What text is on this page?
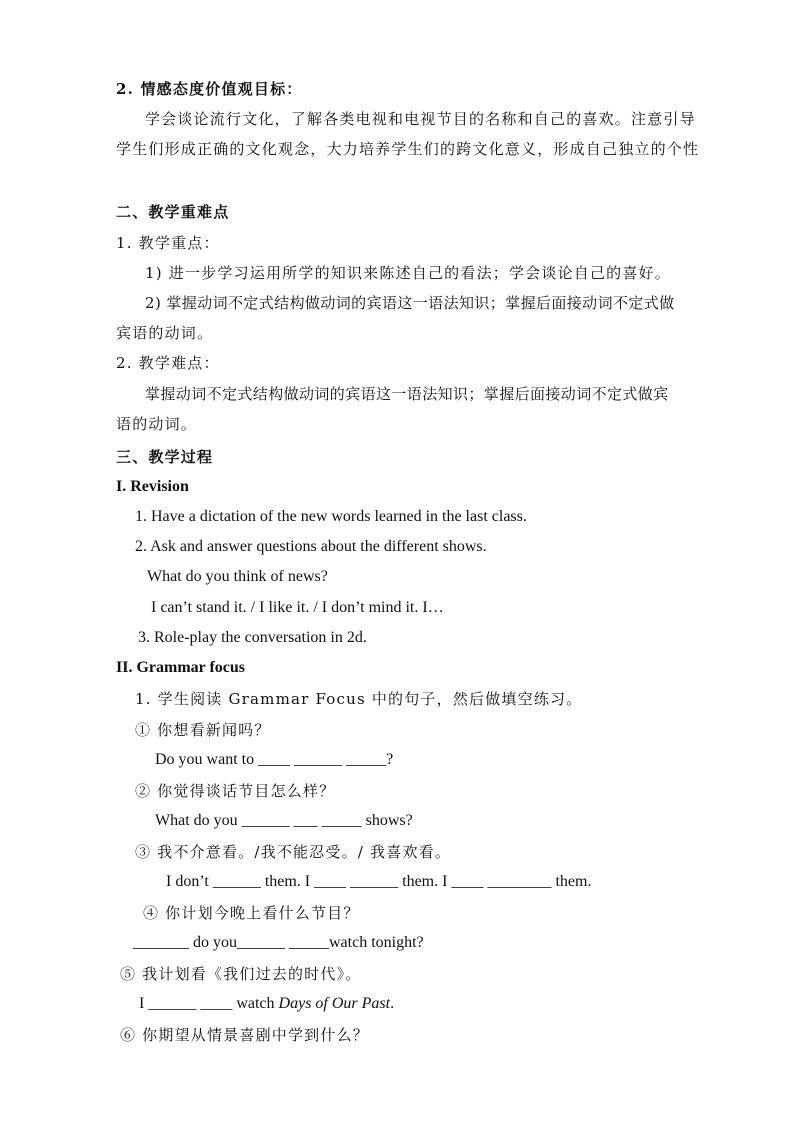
2. 情感态度价值观目标：
学会谈论流行文化，了解各类电视和电视节目的名称和自己的喜欢。注意引导
学生们形成正确的文化观念，大力培养学生们的跨文化意义，形成自己独立的个性
二、教学重难点
1. 教学重点：
1) 进一步学习运用所学的知识来陈述自己的看法；学会谈论自己的喜好。
2) 掌握动词不定式结构做动词的宾语这一语法知识；掌握后面接动词不定式做
宾语的动词。
2. 教学难点：
掌握动词不定式结构做动词的宾语这一语法知识；掌握后面接动词不定式做宾
语的动词。
三、教学过程
I. Revision
1. Have a dictation of the new words learned in the last class.
2. Ask and answer questions about the different shows.
What do you think of news?
I can’t stand it. / I like it. / I don’t mind it. I…
3. Role-play the conversation in 2d.
II. Grammar focus
1. 学生阅读 Grammar Focus 中的句子，然后做填空练习。
① 你想看新闻吗？
Do you want to ____ ______ _____?
② 你觉得谈话节目怎么样？
What do you ______ ___ _____ shows?
③ 我不介意看。/我不能忍受。/ 我喜欢看。
I don’t ______ them. I ____ ______ them. I ____ ________ them.
④ 你计划今晚上看什么节目？
_______ do you______ _____watch tonight?
⑤ 我计划看《我们过去的时代》。
I ______ ____ watch Days of Our Past.
⑥ 你期望从情景喜剧中学到什么？
